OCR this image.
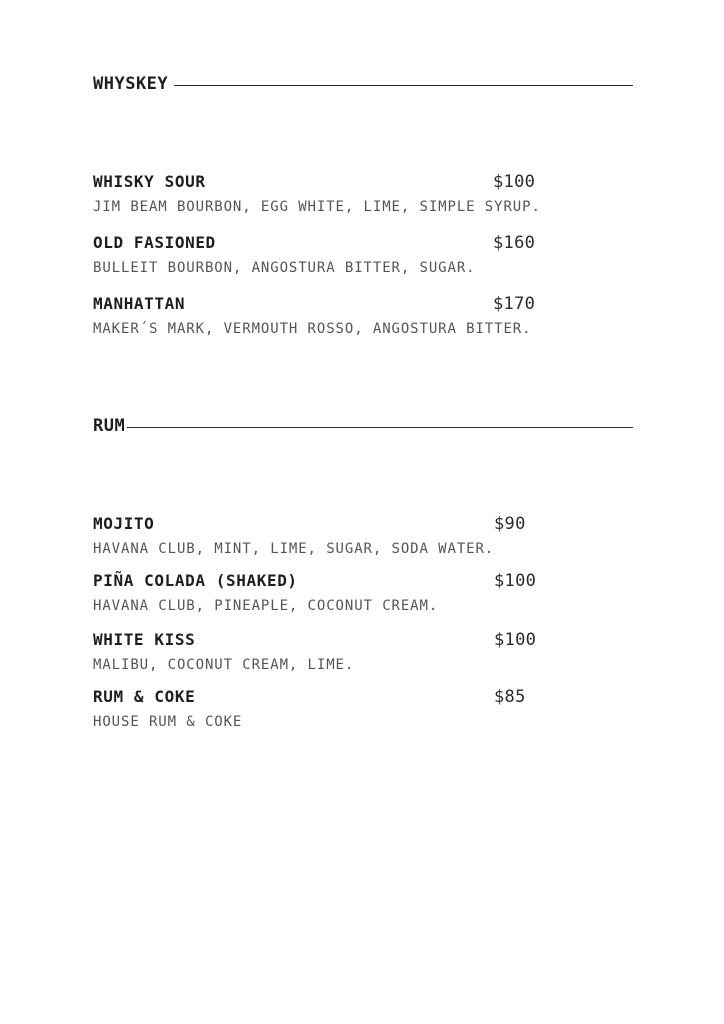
WHYSKEY
WHISKY SOUR	$100
JIM BEAM BOURBON, EGG WHITE, LIME, SIMPLE SYRUP.
OLD FASIONED	$160
BULLEIT BOURBON, ANGOSTURA BITTER, SUGAR.
MANHATTAN	$170
MAKER´S MARK, VERMOUTH ROSSO, ANGOSTURA BITTER.
RUM
MOJITO	$90
HAVANA CLUB, MINT, LIME, SUGAR, SODA WATER.
PIÑA COLADA (SHAKED)	$100
HAVANA CLUB, PINEAPLE, COCONUT CREAM.
WHITE KISS	$100
MALIBU, COCONUT CREAM, LIME.
RUM & COKE	$85
HOUSE RUM & COKE
